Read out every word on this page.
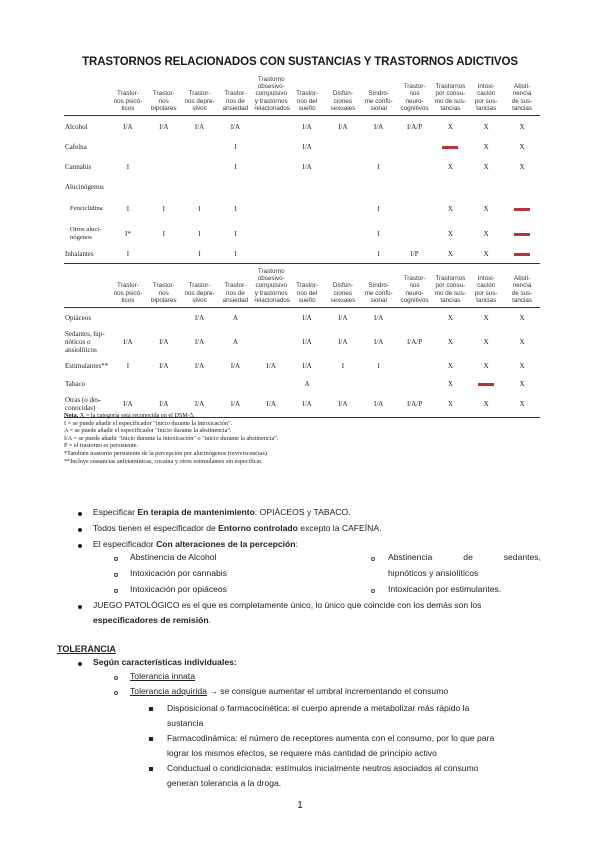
TRASTORNOS RELACIONADOS CON SUSTANCIAS Y TRASTORNOS ADICTIVOS

	Trastor-
nos psicó-
ticos	Trastor-
nos
bipolares	Trastor-
nos depre-
sivos	Trastor-
nos de
ansiedad	Trastorno
obsesivo-
compulsivo
y trastornos
relacionados	Trastor-
nos del
sueño	Disfun-
ciones
sexuales	Síndro-
me confu-
sional	Trastor-
nos
neuro-
cognitivos	Trastornos
por consu-
mo de sus-
tancias	Intoxi-
cación
por sus-
tancias	Absti-
nencia
de sus-
tancias
Alcohol	I/A	I/A	I/A	I/A		I/A	I/A	I/A	I/A/P	X	X	X
Cafeína				I		I/A					X	X
Cannabis	I			I		I/A		I		X	X	X
Alucinógenos												
Fenciclidina	I	I	I	I				I		X	X	
Otros aluci-nógenos	I*	I	I	I				I		X	X	
Inhalantes	I		I	I				I	I/P	X	X	

	Trastor-
nos psicó-
ticos	Trastor-
nos
bipolares	Trastor-
nos depre-
sivos	Trastor-
nos de
ansiedad	Trastorno
obsesivo-
compulsivo
y trastornos
relacionados	Trastor-
nos del
sueño	Disfun-
ciones
sexuales	Síndro-
me confu-
sional	Trastor-
nos
neuro-
cognitivos	Trastornos
por consu-
mo de sus-
tancias	Intoxi-
cación
por sus-
tancias	Absti-
nencia
de sus-
tancias
Opiáceos			I/A	A		I/A	I/A	I/A		X	X	X
Sedantes, hip-nóticos o ansiolíticos	I/A	I/A	I/A	A		I/A	I/A	I/A	I/A/P	X	X	X
Estimulantes**	I	I/A	I/A	I/A	I/A	I/A	I	I		X	X	X
Tabaco						A				X		X
Otras (o des-conocidas)	I/A	I/A	I/A	I/A	I/A	I/A	I/A	I/A	I/A/P	X	X	X
Nota. X = la categoría está reconocida en el DSM-5.
I = se puede añadir el especificador "inicio durante la intoxicación".
A = se puede añadir el especificador "inicio durante la abstinencia".
I/A = se puede añadir "inicio durante la intoxicación" o "inicio durante la abstinencia".
P = el trastorno es persistente.
*También trastorno persistente de la percepción por alucinógenos (reviviscencias).
**Incluye sustancias anfetamínicas, cocaína y otros estimulantes sin especificar.
Especificar En terapia de mantenimiento: OPIÁCEOS y TABACO.
Todos tienen el especificador de Entorno controlado excepto la CAFEÍNA.
El especificador Con alteraciones de la percepción:
Abstinencia de Alcohol
Intoxicación por cannabis
Intoxicación por opiáceos
Abstinencia	de	sedantes,
hipnóticos y ansiolíticos
Intoxicación por estimulantes.
JUEGO PATOLÓGICO es el que es completamente único, lo único que coincide con los demás son los
especificadores de remisión.
TOLERANCIA
Según características individuales:
Tolerancia innata
Tolerancia adquirida → se consigue aumentar el umbral incrementando el consumo
Disposicional o farmacocinética: el cuerpo aprende a metabolizar más rápido la
sustancia
Farmacodinámica: el número de receptores aumenta con el consumo, por lo que para
lograr los mismos efectos, se requiere más cantidad de principio activo
Conductual o condicionada: estímulos inicialmente neutros asociados al consumo
generan tolerancia a la droga.
1
